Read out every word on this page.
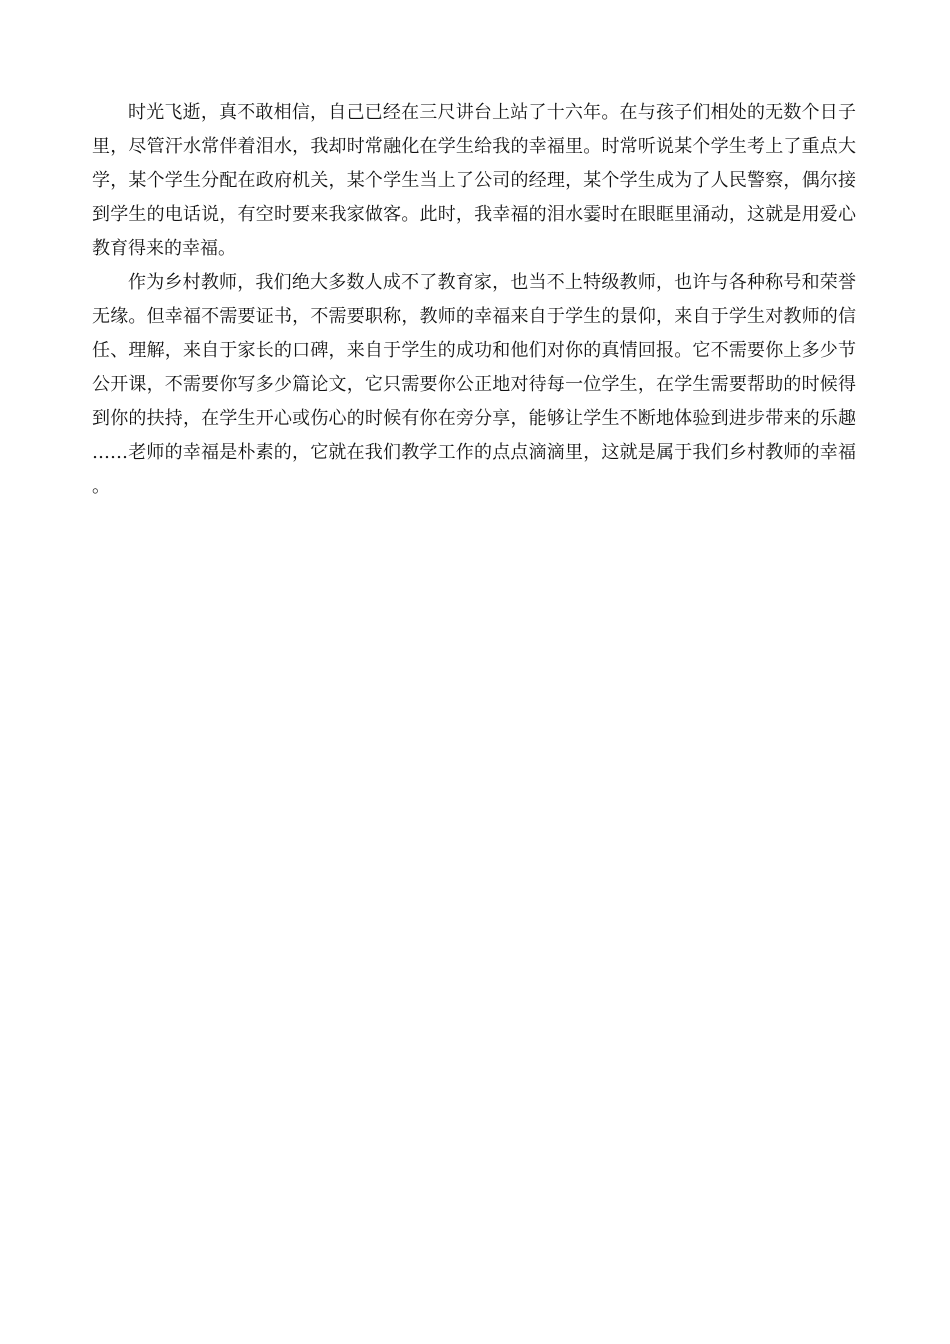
时光飞逝，真不敢相信，自己已经在三尺讲台上站了十六年。在与孩子们相处的无数个日子里，尽管汗水常伴着泪水，我却时常融化在学生给我的幸福里。时常听说某个学生考上了重点大学，某个学生分配在政府机关，某个学生当上了公司的经理，某个学生成为了人民警察，偶尔接到学生的电话说，有空时要来我家做客。此时，我幸福的泪水霎时在眼眶里涌动，这就是用爱心教育得来的幸福。

作为乡村教师，我们绝大多数人成不了教育家，也当不上特级教师，也许与各种称号和荣誉无缘。但幸福不需要证书，不需要职称，教师的幸福来自于学生的景仰，来自于学生对教师的信任、理解，来自于家长的口碑，来自于学生的成功和他们对你的真情回报。它不需要你上多少节公开课，不需要你写多少篇论文，它只需要你公正地对待每一位学生，在学生需要帮助的时候得到你的扶持，在学生开心或伤心的时候有你在旁分享，能够让学生不断地体验到进步带来的乐趣……老师的幸福是朴素的，它就在我们教学工作的点点滴滴里，这就是属于我们乡村教师的幸福。
